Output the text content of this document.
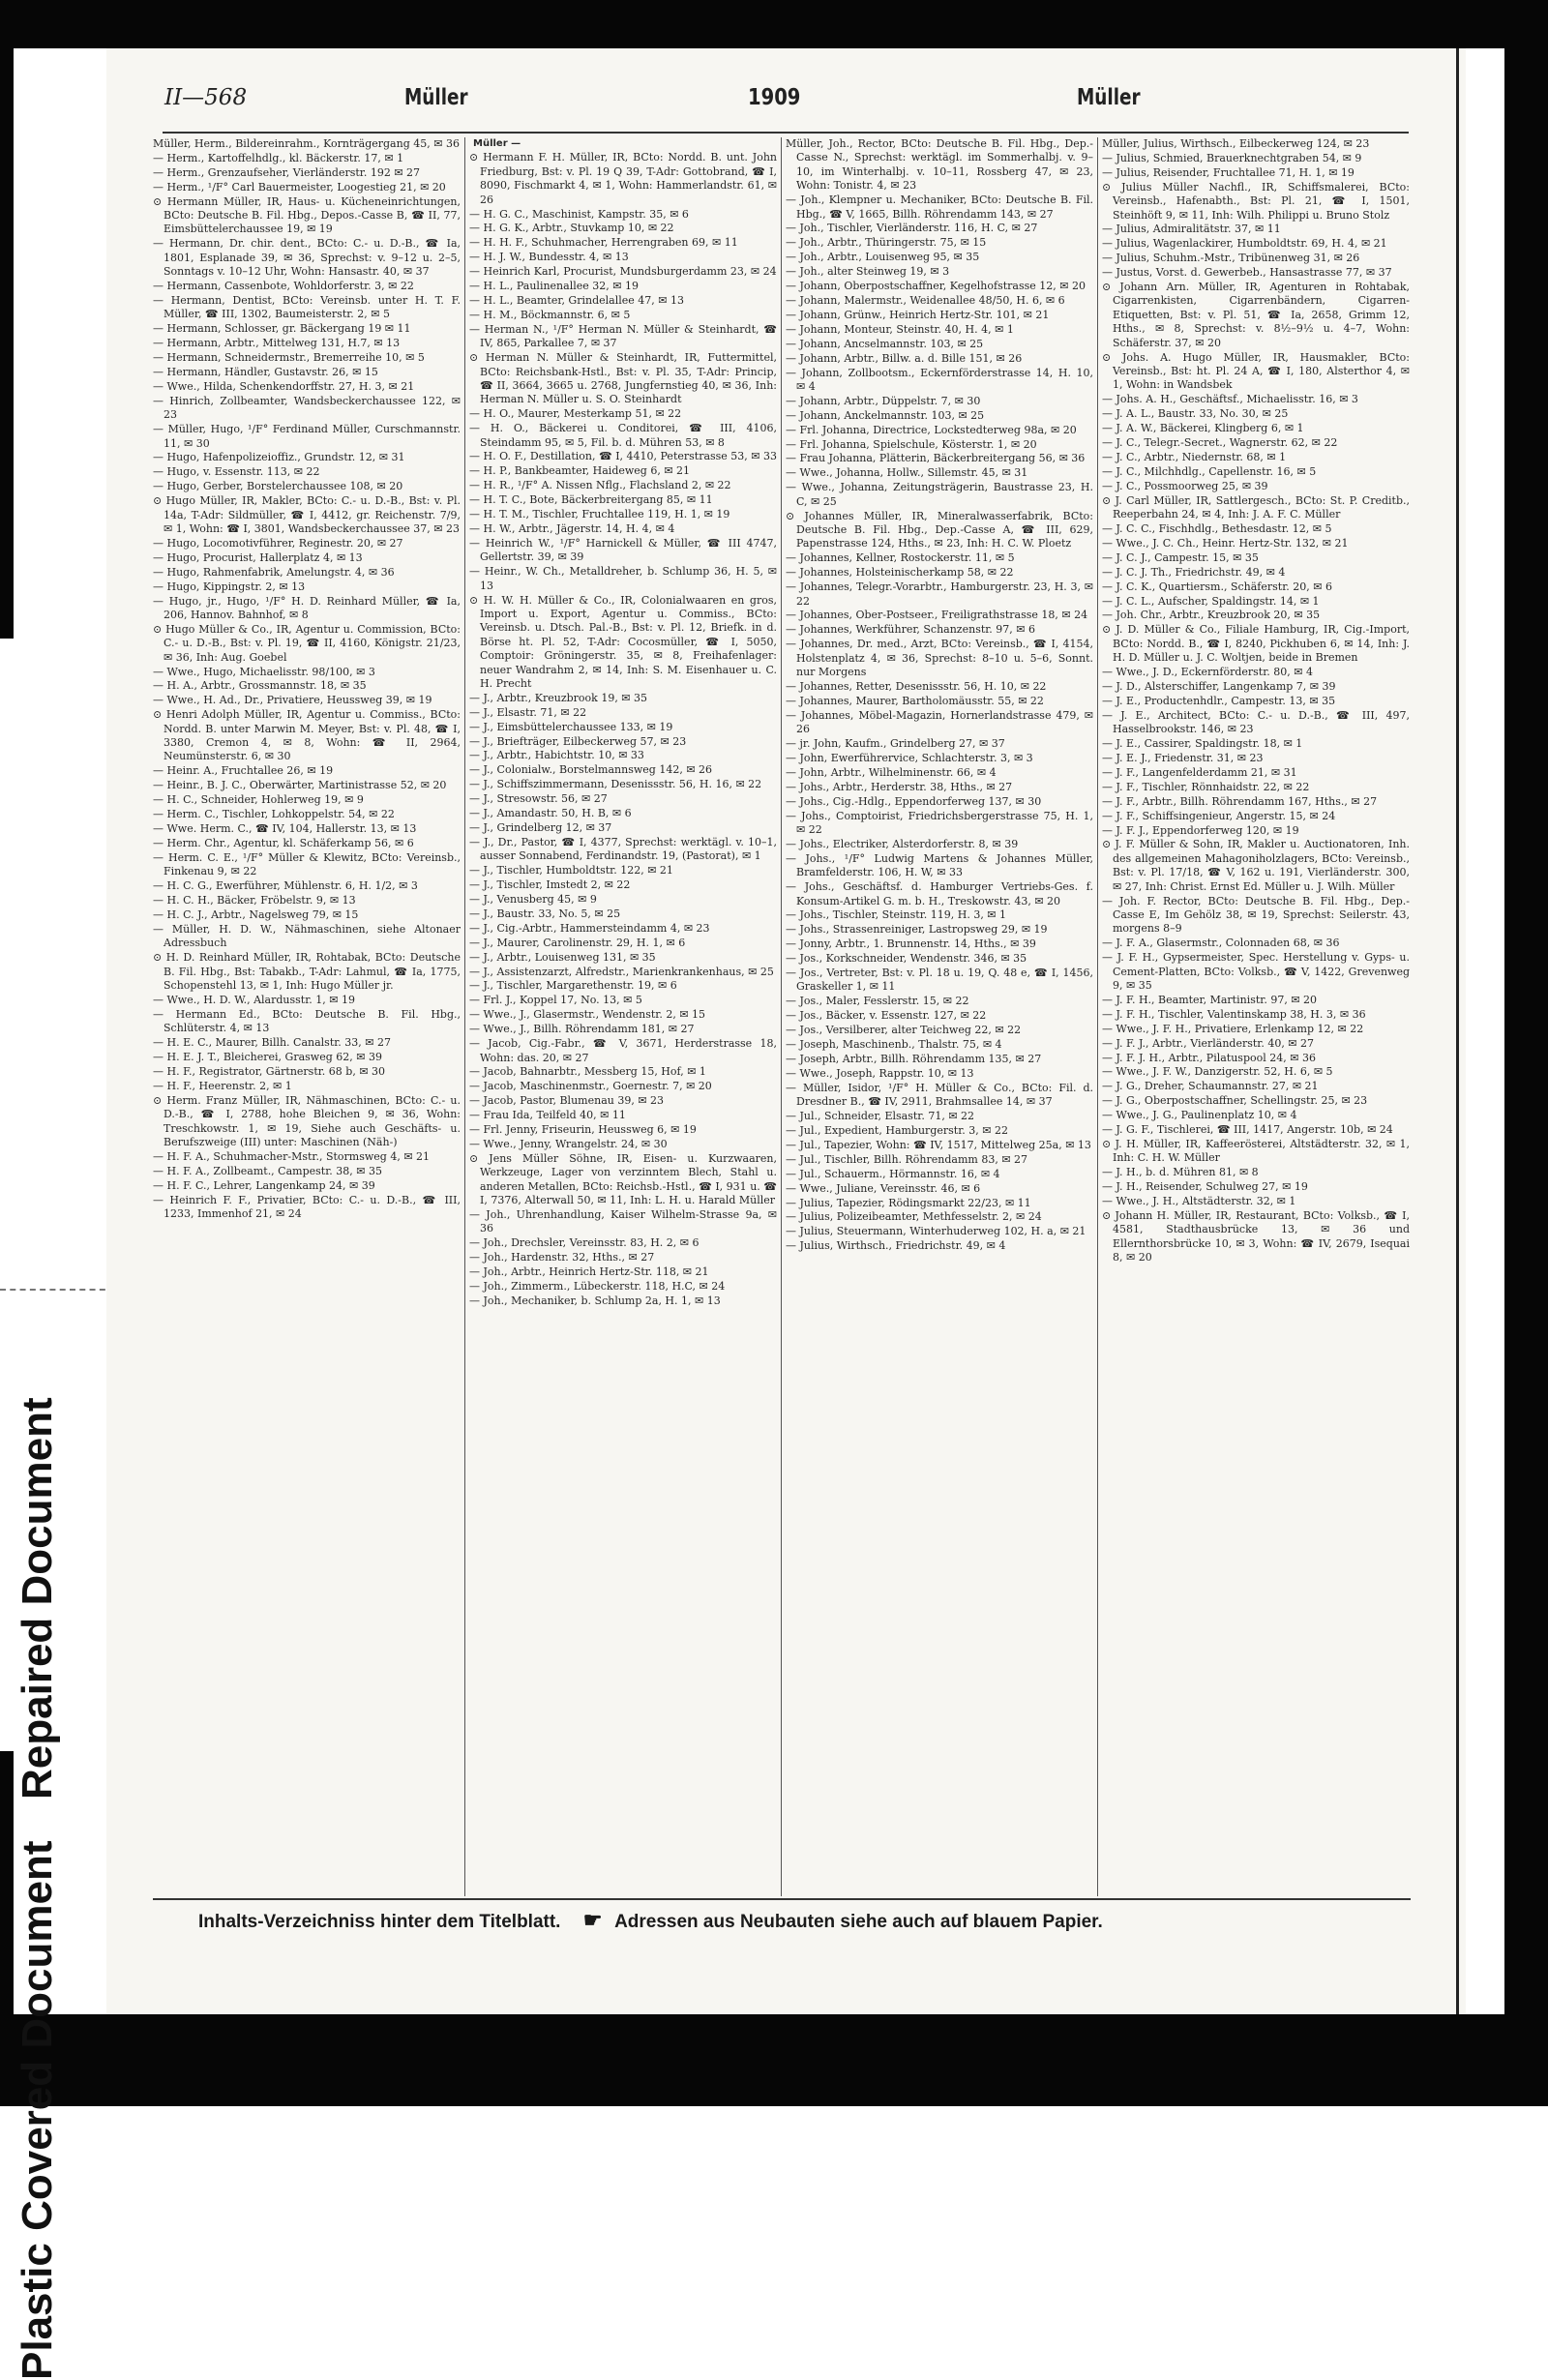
Repaired Document
Plastic Covered Document
II—568	Müller	1909	Müller
Müller, Herm., Bildereinrahm., Kornträgergang 45, ✉ 36
— Herm., Kartoffelhdlg., kl. Bäckerstr. 17, ✉ 1
— Herm., Grenzaufseher, Vierländerstr. 192 ✉ 27
— Herm., ¹/F° Carl Bauermeister, Loogestieg 21, ✉ 20
⊙ Hermann Müller, IR, Haus- u. Kücheneinrichtungen, BCto: Deutsche B. Fil. Hbg., Depos.-Casse B, ☎ II, 77, Eimsbüttelerchaussee 19, ✉ 19
— Hermann, Dr. chir. dent., BCto: C.- u. D.-B., ☎ Ia, 1801, Esplanade 39, ✉ 36, Sprechst: v. 9–12 u. 2–5, Sonntags v. 10–12 Uhr, Wohn: Hansastr. 40, ✉ 37
— Hermann, Cassenbote, Wohldorferstr. 3, ✉ 22
— Hermann, Dentist, BCto: Vereinsb. unter H. T. F. Müller, ☎ III, 1302, Baumeisterstr. 2, ✉ 5
— Hermann, Schlosser, gr. Bäckergang 19 ✉ 11
— Hermann, Arbtr., Mittelweg 131, H.7, ✉ 13
— Hermann, Schneidermstr., Bremerreihe 10, ✉ 5
— Hermann, Händler, Gustavstr. 26, ✉ 15
— Wwe., Hilda, Schenkendorffstr. 27, H. 3, ✉ 21
— Hinrich, Zollbeamter, Wandsbeckerchaussee 122, ✉ 23
— Müller, Hugo, ¹/F° Ferdinand Müller, Curschmannstr. 11, ✉ 30
— Hugo, Hafenpolizeioffiz., Grundstr. 12, ✉ 31
— Hugo, v. Essenstr. 113, ✉ 22
— Hugo, Gerber, Borstelerchaussee 108, ✉ 20
⊙ Hugo Müller, IR, Makler, BCto: C.- u. D.-B., Bst: v. Pl. 14a, T-Adr: Sildmüller, ☎ I, 4412, gr. Reichenstr. 7/9, ✉ 1, Wohn: ☎ I, 3801, Wandsbeckerchaussee 37, ✉ 23
— Hugo, Locomotivführer, Reginestr. 20, ✉ 27
— Hugo, Procurist, Hallerplatz 4, ✉ 13
— Hugo, Rahmenfabrik, Amelungstr. 4, ✉ 36
— Hugo, Kippingstr. 2, ✉ 13
— Hugo, jr., Hugo, ¹/F° H. D. Reinhard Müller, ☎ Ia, 206, Hannov. Bahnhof, ✉ 8
⊙ Hugo Müller & Co., IR, Agentur u. Commission, BCto: C.- u. D.-B., Bst: v. Pl. 19, ☎ II, 4160, Königstr. 21/23, ✉ 36, Inh: Aug. Goebel
— Wwe., Hugo, Michaelisstr. 98/100, ✉ 3
— H. A., Arbtr., Grossmannstr. 18, ✉ 35
— Wwe., H. Ad., Dr., Privatiere, Heussweg 39, ✉ 19
⊙ Henri Adolph Müller, IR, Agentur u. Commiss., BCto: Nordd. B. unter Marwin M. Meyer, Bst: v. Pl. 48, ☎ I, 3380, Cremon 4, ✉ 8, Wohn: ☎ II, 2964, Neumünsterstr. 6, ✉ 30
— Heinr. A., Fruchtallee 26, ✉ 19
— Heinr., B. J. C., Oberwärter, Martinistrasse 52, ✉ 20
— H. C., Schneider, Hohlerweg 19, ✉ 9
— Herm. C., Tischler, Lohkoppelstr. 54, ✉ 22
— Wwe. Herm. C., ☎ IV, 104, Hallerstr. 13, ✉ 13
— Herm. Chr., Agentur, kl. Schäferkamp 56, ✉ 6
— Herm. C. E., ¹/F° Müller & Klewitz, BCto: Vereinsb., Finkenau 9, ✉ 22
— H. C. G., Ewerführer, Mühlenstr. 6, H. 1/2, ✉ 3
— H. C. H., Bäcker, Fröbelstr. 9, ✉ 13
— H. C. J., Arbtr., Nagelsweg 79, ✉ 15
— Müller, H. D. W., Nähmaschinen, siehe Altonaer Adressbuch
⊙ H. D. Reinhard Müller, IR, Rohtabak, BCto: Deutsche B. Fil. Hbg., Bst: Tabakb., T-Adr: Lahmul, ☎ Ia, 1775, Schopenstehl 13, ✉ 1, Inh: Hugo Müller jr.
— Wwe., H. D. W., Alardusstr. 1, ✉ 19
— Hermann Ed., BCto: Deutsche B. Fil. Hbg., Schlüterstr. 4, ✉ 13
— H. E. C., Maurer, Billh. Canalstr. 33, ✉ 27
— H. E. J. T., Bleicherei, Grasweg 62, ✉ 39
— H. F., Registrator, Gärtnerstr. 68 b, ✉ 30
— H. F., Heerenstr. 2, ✉ 1
⊙ Herm. Franz Müller, IR, Nähmaschinen, BCto: C.- u. D.-B., ☎ I, 2788, hohe Bleichen 9, ✉ 36, Wohn: Treschkowstr. 1, ✉ 19, Siehe auch Geschäfts- u. Berufszweige (III) unter: Maschinen (Näh-)
— H. F. A., Schuhmacher-Mstr., Stormsweg 4, ✉ 21
— H. F. A., Zollbeamt., Campestr. 38, ✉ 35
— H. F. C., Lehrer, Langenkamp 24, ✉ 39
— Heinrich F. F., Privatier, BCto: C.- u. D.-B., ☎ III, 1233, Immenhof 21, ✉ 24
Müller —
⊙ Hermann F. H. Müller, IR, BCto: Nordd. B. unt. John Friedburg, Bst: v. Pl. 19 Q 39, T-Adr: Gottobrand, ☎ I, 8090, Fischmarkt 4, ✉ 1, Wohn: Hammerlandstr. 61, ✉ 26
— H. G. C., Maschinist, Kampstr. 35, ✉ 6
— H. G. K., Arbtr., Stuvkamp 10, ✉ 22
— H. H. F., Schuhmacher, Herrengraben 69, ✉ 11
— H. J. W., Bundesstr. 4, ✉ 13
— Heinrich Karl, Procurist, Mundsburgerdamm 23, ✉ 24
— H. L., Paulinenallee 32, ✉ 19
— H. L., Beamter, Grindelallee 47, ✉ 13
— H. M., Böckmannstr. 6, ✉ 5
— Herman N., ¹/F° Herman N. Müller & Steinhardt, ☎ IV, 865, Parkallee 7, ✉ 37
⊙ Herman N. Müller & Steinhardt, IR, Futtermittel, BCto: Reichsbank-Hstl., Bst: v. Pl. 35, T-Adr: Princip, ☎ II, 3664, 3665 u. 2768, Jungfernstieg 40, ✉ 36, Inh: Herman N. Müller u. S. O. Steinhardt
— H. O., Maurer, Mesterkamp 51, ✉ 22
— H. O., Bäckerei u. Conditorei, ☎ III, 4106, Steindamm 95, ✉ 5, Fil. b. d. Mühren 53, ✉ 8
— H. O. F., Destillation, ☎ I, 4410, Peterstrasse 53, ✉ 33
— H. P., Bankbeamter, Haideweg 6, ✉ 21
— H. R., ¹/F° A. Nissen Nflg., Flachsland 2, ✉ 22
— H. T. C., Bote, Bäckerbreitergang 85, ✉ 11
— H. T. M., Tischler, Fruchtallee 119, H. 1, ✉ 19
— H. W., Arbtr., Jägerstr. 14, H. 4, ✉ 4
— Heinrich W., ¹/F° Harnickell & Müller, ☎ III 4747, Gellertstr. 39, ✉ 39
— Heinr., W. Ch., Metalldreher, b. Schlump 36, H. 5, ✉ 13
⊙ H. W. H. Müller & Co., IR, Colonialwaaren en gros, Import u. Export, Agentur u. Commiss., BCto: Vereinsb. u. Dtsch. Pal.-B., Bst: v. Pl. 12, Briefk. in d. Börse ht. Pl. 52, T-Adr: Cocosmüller, ☎ I, 5050, Comptoir: Gröningerstr. 35, ✉ 8, Freihafenlager: neuer Wandrahm 2, ✉ 14, Inh: S. M. Eisenhauer u. C. H. Precht
— J., Arbtr., Kreuzbrook 19, ✉ 35
— J., Elsastr. 71, ✉ 22
— J., Eimsbüttelerchaussee 133, ✉ 19
— J., Briefträger, Eilbeckerweg 57, ✉ 23
— J., Arbtr., Habichtstr. 10, ✉ 33
— J., Colonialw., Borstelmannsweg 142, ✉ 26
— J., Schiffszimmermann, Desenissstr. 56, H. 16, ✉ 22
— J., Stresowstr. 56, ✉ 27
— J., Amandastr. 50, H. B, ✉ 6
— J., Grindelberg 12, ✉ 37
— J., Dr., Pastor, ☎ I, 4377, Sprechst: werktägl. v. 10–1, ausser Sonnabend, Ferdinandstr. 19, (Pastorat), ✉ 1
— J., Tischler, Humboldtstr. 122, ✉ 21
— J., Tischler, Imstedt 2, ✉ 22
— J., Venusberg 45, ✉ 9
— J., Baustr. 33, No. 5, ✉ 25
— J., Cig.-Arbtr., Hammersteindamm 4, ✉ 23
— J., Maurer, Carolinenstr. 29, H. 1, ✉ 6
— J., Arbtr., Louisenweg 131, ✉ 35
— J., Assistenzarzt, Alfredstr., Marienkrankenhaus, ✉ 25
— J., Tischler, Margarethenstr. 19, ✉ 6
— Frl. J., Koppel 17, No. 13, ✉ 5
— Wwe., J., Glasermstr., Wendenstr. 2, ✉ 15
— Wwe., J., Billh. Röhrendamm 181, ✉ 27
— Jacob, Cig.-Fabr., ☎ V, 3671, Herderstrasse 18, Wohn: das. 20, ✉ 27
— Jacob, Bahnarbtr., Messberg 15, Hof, ✉ 1
— Jacob, Maschinenmstr., Goernestr. 7, ✉ 20
— Jacob, Pastor, Blumenau 39, ✉ 23
— Frau Ida, Teilfeld 40, ✉ 11
— Frl. Jenny, Friseurin, Heussweg 6, ✉ 19
— Wwe., Jenny, Wrangelstr. 24, ✉ 30
⊙ Jens Müller Söhne, IR, Eisen- u. Kurzwaaren, Werkzeuge, Lager von verzinntem Blech, Stahl u. anderen Metallen, BCto: Reichsb.-Hstl., ☎ I, 931 u. ☎ I, 7376, Alterwall 50, ✉ 11, Inh: L. H. u. Harald Müller
— Joh., Uhrenhandlung, Kaiser Wilhelm-Strasse 9a, ✉ 36
— Joh., Drechsler, Vereinsstr. 83, H. 2, ✉ 6
— Joh., Hardenstr. 32, Hths., ✉ 27
— Joh., Arbtr., Heinrich Hertz-Str. 118, ✉ 21
— Joh., Zimmerm., Lübeckerstr. 118, H.C, ✉ 24
— Joh., Mechaniker, b. Schlump 2a, H. 1, ✉ 13
Müller, Joh., Rector, BCto: Deutsche B. Fil. Hbg., Dep.-Casse N., Sprechst: werktägl. im Sommerhalbj. v. 9–10, im Winterhalbj. v. 10–11, Rossberg 47, ✉ 23, Wohn: Tonistr. 4, ✉ 23
— Joh., Klempner u. Mechaniker, BCto: Deutsche B. Fil. Hbg., ☎ V, 1665, Billh. Röhrendamm 143, ✉ 27
— Joh., Tischler, Vierländerstr. 116, H. C, ✉ 27
— Joh., Arbtr., Thüringerstr. 75, ✉ 15
— Joh., Arbtr., Louisenweg 95, ✉ 35
— Joh., alter Steinweg 19, ✉ 3
— Johann, Oberpostschaffner, Kegelhofstrasse 12, ✉ 20
— Johann, Malermstr., Weidenallee 48/50, H. 6, ✉ 6
— Johann, Grünw., Heinrich Hertz-Str. 101, ✉ 21
— Johann, Monteur, Steinstr. 40, H. 4, ✉ 1
— Johann, Ancselmannstr. 103, ✉ 25
— Johann, Arbtr., Billw. a. d. Bille 151, ✉ 26
— Johann, Zollbootsm., Eckernförderstrasse 14, H. 10, ✉ 4
— Johann, Arbtr., Düppelstr. 7, ✉ 30
— Johann, Anckelmannstr. 103, ✉ 25
— Frl. Johanna, Directrice, Lockstedterweg 98a, ✉ 20
— Frl. Johanna, Spielschule, Kösterstr. 1, ✉ 20
— Frau Johanna, Plätterin, Bäckerbreitergang 56, ✉ 36
— Wwe., Johanna, Hollw., Sillemstr. 45, ✉ 31
— Wwe., Johanna, Zeitungsträgerin, Baustrasse 23, H. C, ✉ 25
⊙ Johannes Müller, IR, Mineralwasserfabrik, BCto: Deutsche B. Fil. Hbg., Dep.-Casse A, ☎ III, 629, Papenstrasse 124, Hths., ✉ 23, Inh: H. C. W. Ploetz
— Johannes, Kellner, Rostockerstr. 11, ✉ 5
— Johannes, Holsteinischerkamp 58, ✉ 22
— Johannes, Telegr.-Vorarbtr., Hamburgerstr. 23, H. 3, ✉ 22
— Johannes, Ober-Postseer., Freiligrathstrasse 18, ✉ 24
— Johannes, Werkführer, Schanzenstr. 97, ✉ 6
— Johannes, Dr. med., Arzt, BCto: Vereinsb., ☎ I, 4154, Holstenplatz 4, ✉ 36, Sprechst: 8–10 u. 5–6, Sonnt. nur Morgens
— Johannes, Retter, Desenissstr. 56, H. 10, ✉ 22
— Johannes, Maurer, Bartholomäusstr. 55, ✉ 22
— Johannes, Möbel-Magazin, Hornerlandstrasse 479, ✉ 26
— jr. John, Kaufm., Grindelberg 27, ✉ 37
— John, Ewerführervice, Schlachterstr. 3, ✉ 3
— John, Arbtr., Wilhelminenstr. 66, ✉ 4
— Johs., Arbtr., Herderstr. 38, Hths., ✉ 27
— Johs., Cig.-Hdlg., Eppendorferweg 137, ✉ 30
— Johs., Comptoirist, Friedrichsbergerstrasse 75, H. 1, ✉ 22
— Johs., Electriker, Alsterdorferstr. 8, ✉ 39
— Johs., ¹/F° Ludwig Martens & Johannes Müller, Bramfelderstr. 106, H. W, ✉ 33
— Johs., Geschäftsf. d. Hamburger Vertriebs-Ges. f. Konsum-Artikel G. m. b. H., Treskowstr. 43, ✉ 20
— Johs., Tischler, Steinstr. 119, H. 3, ✉ 1
— Johs., Strassenreiniger, Lastropsweg 29, ✉ 19
— Jonny, Arbtr., 1. Brunnenstr. 14, Hths., ✉ 39
— Jos., Korkschneider, Wendenstr. 346, ✉ 35
— Jos., Vertreter, Bst: v. Pl. 18 u. 19, Q. 48 e, ☎ I, 1456, Graskeller 1, ✉ 11
— Jos., Maler, Fesslerstr. 15, ✉ 22
— Jos., Bäcker, v. Essenstr. 127, ✉ 22
— Jos., Versilberer, alter Teichweg 22, ✉ 22
— Joseph, Maschinenb., Thalstr. 75, ✉ 4
— Joseph, Arbtr., Billh. Röhrendamm 135, ✉ 27
— Wwe., Joseph, Rappstr. 10, ✉ 13
— Müller, Isidor, ¹/F° H. Müller & Co., BCto: Fil. d. Dresdner B., ☎ IV, 2911, Brahmsallee 14, ✉ 37
— Jul., Schneider, Elsastr. 71, ✉ 22
— Jul., Expedient, Hamburgerstr. 3, ✉ 22
— Jul., Tapezier, Wohn: ☎ IV, 1517, Mittelweg 25a, ✉ 13
— Jul., Tischler, Billh. Röhrendamm 83, ✉ 27
— Jul., Schauerm., Hörmannstr. 16, ✉ 4
— Wwe., Juliane, Vereinsstr. 46, ✉ 6
— Julius, Tapezier, Rödingsmarkt 22/23, ✉ 11
— Julius, Polizeibeamter, Methfesselstr. 2, ✉ 24
— Julius, Steuermann, Winterhuderweg 102, H. a, ✉ 21
— Julius, Wirthsch., Friedrichstr. 49, ✉ 4
Müller, Julius, Wirthsch., Eilbeckerweg 124, ✉ 23
— Julius, Schmied, Brauerknechtgraben 54, ✉ 9
— Julius, Reisender, Fruchtallee 71, H. 1, ✉ 19
⊙ Julius Müller Nachfl., IR, Schiffsmalerei, BCto: Vereinsb., Hafenabth., Bst: Pl. 21, ☎ I, 1501, Steinhöft 9, ✉ 11, Inh: Wilh. Philippi u. Bruno Stolz
— Julius, Admiralitätstr. 37, ✉ 11
— Julius, Wagenlackirer, Humboldtstr. 69, H. 4, ✉ 21
— Julius, Schuhm.-Mstr., Tribünenweg 31, ✉ 26
— Justus, Vorst. d. Gewerbeb., Hansastrasse 77, ✉ 37
⊙ Johann Arn. Müller, IR, Agenturen in Rohtabak, Cigarrenkisten, Cigarrenbändern, Cigarren-Etiquetten, Bst: v. Pl. 51, ☎ Ia, 2658, Grimm 12, Hths., ✉ 8, Sprechst: v. 8½–9½ u. 4–7, Wohn: Schäferstr. 37, ✉ 20
⊙ Johs. A. Hugo Müller, IR, Hausmakler, BCto: Vereinsb., Bst: ht. Pl. 24 A, ☎ I, 180, Alsterthor 4, ✉ 1, Wohn: in Wandsbek
— Johs. A. H., Geschäftsf., Michaelisstr. 16, ✉ 3
— J. A. L., Baustr. 33, No. 30, ✉ 25
— J. A. W., Bäckerei, Klingberg 6, ✉ 1
— J. C., Telegr.-Secret., Wagnerstr. 62, ✉ 22
— J. C., Arbtr., Niedernstr. 68, ✉ 1
— J. C., Milchhdlg., Capellenstr. 16, ✉ 5
— J. C., Possmoorweg 25, ✉ 39
⊙ J. Carl Müller, IR, Sattlergesch., BCto: St. P. Creditb., Reeperbahn 24, ✉ 4, Inh: J. A. F. C. Müller
— J. C. C., Fischhdlg., Bethesdastr. 12, ✉ 5
— Wwe., J. C. Ch., Heinr. Hertz-Str. 132, ✉ 21
— J. C. J., Campestr. 15, ✉ 35
— J. C. J. Th., Friedrichstr. 49, ✉ 4
— J. C. K., Quartiersm., Schäferstr. 20, ✉ 6
— J. C. L., Aufscher, Spaldingstr. 14, ✉ 1
— Joh. Chr., Arbtr., Kreuzbrook 20, ✉ 35
⊙ J. D. Müller & Co., Filiale Hamburg, IR, Cig.-Import, BCto: Nordd. B., ☎ I, 8240, Pickhuben 6, ✉ 14, Inh: J. H. D. Müller u. J. C. Woltjen, beide in Bremen
— Wwe., J. D., Eckernförderstr. 80, ✉ 4
— J. D., Alsterschiffer, Langenkamp 7, ✉ 39
— J. E., Productenhdlr., Campestr. 13, ✉ 35
— J. E., Architect, BCto: C.- u. D.-B., ☎ III, 497, Hasselbrookstr. 146, ✉ 23
— J. E., Cassirer, Spaldingstr. 18, ✉ 1
— J. E. J., Friedenstr. 31, ✉ 23
— J. F., Langenfelderdamm 21, ✉ 31
— J. F., Tischler, Rönnhaidstr. 22, ✉ 22
— J. F., Arbtr., Billh. Röhrendamm 167, Hths., ✉ 27
— J. F., Schiffsingenieur, Angerstr. 15, ✉ 24
— J. F. J., Eppendorferweg 120, ✉ 19
⊙ J. F. Müller & Sohn, IR, Makler u. Auctionatoren, Inh. des allgemeinen Mahagoniholzlagers, BCto: Vereinsb., Bst: v. Pl. 17/18, ☎ V, 162 u. 191, Vierländerstr. 300, ✉ 27, Inh: Christ. Ernst Ed. Müller u. J. Wilh. Müller
— Joh. F. Rector, BCto: Deutsche B. Fil. Hbg., Dep.-Casse E, Im Gehölz 38, ✉ 19, Sprechst: Seilerstr. 43, morgens 8–9
— J. F. A., Glasermstr., Colonnaden 68, ✉ 36
— J. F. H., Gypsermeister, Spec. Herstellung v. Gyps- u. Cement-Platten, BCto: Volksb., ☎ V, 1422, Grevenweg 9, ✉ 35
— J. F. H., Beamter, Martinistr. 97, ✉ 20
— J. F. H., Tischler, Valentinskamp 38, H. 3, ✉ 36
— Wwe., J. F. H., Privatiere, Erlenkamp 12, ✉ 22
— J. F. J., Arbtr., Vierländerstr. 40, ✉ 27
— J. F. J. H., Arbtr., Pilatuspool 24, ✉ 36
— Wwe., J. F. W., Danzigerstr. 52, H. 6, ✉ 5
— J. G., Dreher, Schaumannstr. 27, ✉ 21
— J. G., Oberpostschaffner, Schellingstr. 25, ✉ 23
— Wwe., J. G., Paulinenplatz 10, ✉ 4
— J. G. F., Tischlerei, ☎ III, 1417, Angerstr. 10b, ✉ 24
⊙ J. H. Müller, IR, Kaffeerösterei, Altstädterstr. 32, ✉ 1, Inh: C. H. W. Müller
— J. H., b. d. Mühren 81, ✉ 8
— J. H., Reisender, Schulweg 27, ✉ 19
— Wwe., J. H., Altstädterstr. 32, ✉ 1
⊙ Johann H. Müller, IR, Restaurant, BCto: Volksb., ☎ I, 4581, Stadthausbrücke 13, ✉ 36 und Ellernthorsbrücke 10, ✉ 3, Wohn: ☎ IV, 2679, Isequai 8, ✉ 20
Inhalts-Verzeichniss hinter dem Titelblatt. ☛ Adressen aus Neubauten siehe auch auf blauem Papier.
